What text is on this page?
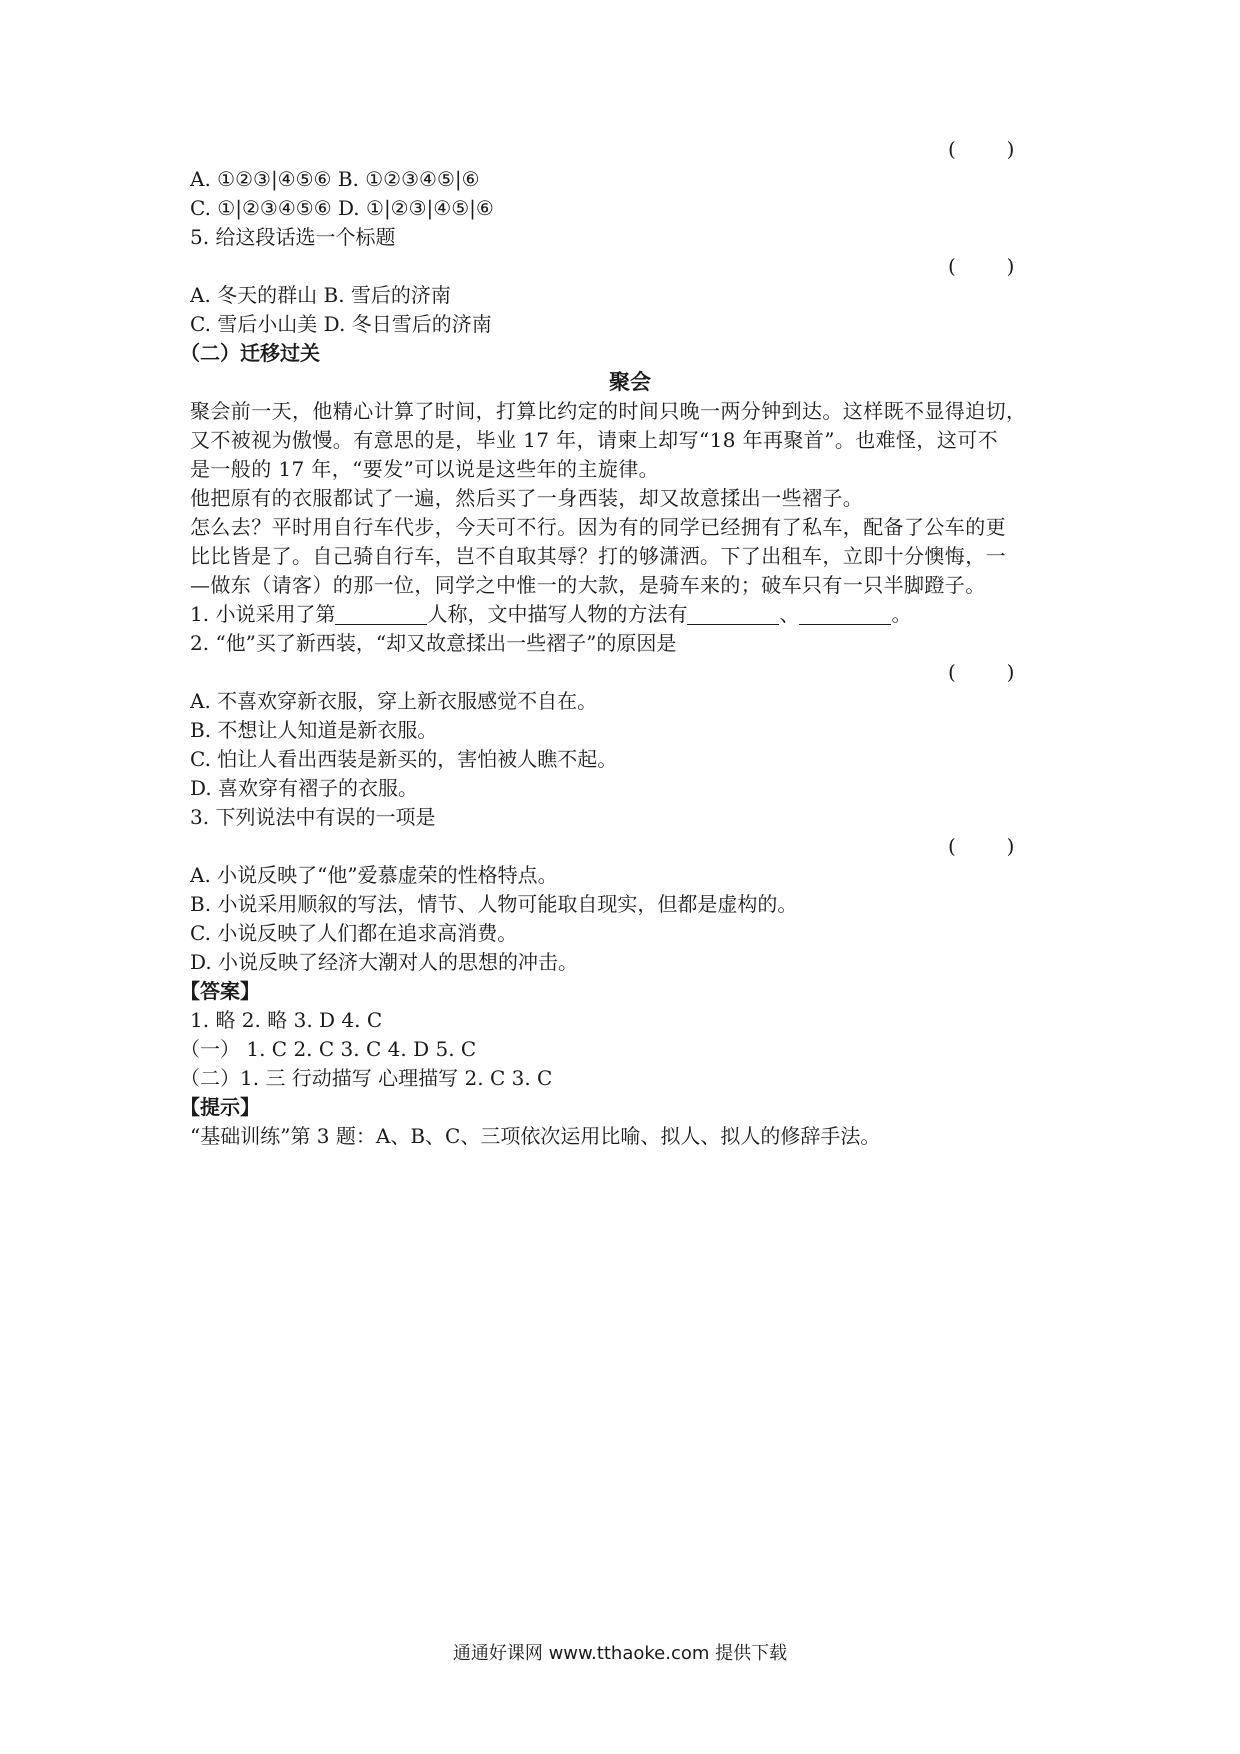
(        )
A. ①②③|④⑤⑥ B. ①②③④⑤|⑥
C. ①|②③④⑤⑥ D. ①|②③|④⑤|⑥
5. 给这段话选一个标题
(        )
A. 冬天的群山 B. 雪后的济南
C. 雪后小山美 D. 冬日雪后的济南
（二）迁移过关
聚会
聚会前一天，他精心计算了时间，打算比约定的时间只晚一两分钟到达。这样既不显得迫切，
又不被视为傲慢。有意思的是，毕业 17 年，请柬上却写“18 年再聚首”。也难怪，这可不
是一般的 17 年，“要发”可以说是这些年的主旋律。
他把原有的衣服都试了一遍，然后买了一身西装，却又故意揉出一些褶子。
怎么去？平时用自行车代步，今天可不行。因为有的同学已经拥有了私车，配备了公车的更
比比皆是了。自己骑自行车，岂不自取其辱？打的够潇洒。下了出租车，立即十分懊悔，一
—做东（请客）的那一位，同学之中惟一的大款，是骑车来的；破车只有一只半脚蹬子。
1. 小说采用了第	人称，文中描写人物的方法有	、	。
2. “他”买了新西装，“却又故意揉出一些褶子”的原因是
(        )
A. 不喜欢穿新衣服，穿上新衣服感觉不自在。
B. 不想让人知道是新衣服。
C. 怕让人看出西装是新买的，害怕被人瞧不起。
D. 喜欢穿有褶子的衣服。
3. 下列说法中有误的一项是
(        )
A. 小说反映了“他”爱慕虚荣的性格特点。
B. 小说采用顺叙的写法，情节、人物可能取自现实，但都是虚构的。
C. 小说反映了人们都在追求高消费。
D. 小说反映了经济大潮对人的思想的冲击。
【答案】
1. 略 2. 略 3. D 4. C
（一） 1. C 2. C 3. C 4. D 5. C
（二）1. 三 行动描写 心理描写 2. C 3. C
【提示】
“基础训练”第 3 题：A、B、C、三项依次运用比喻、拟人、拟人的修辞手法。
通通好课网 www.tthaoke.com 提供下载
